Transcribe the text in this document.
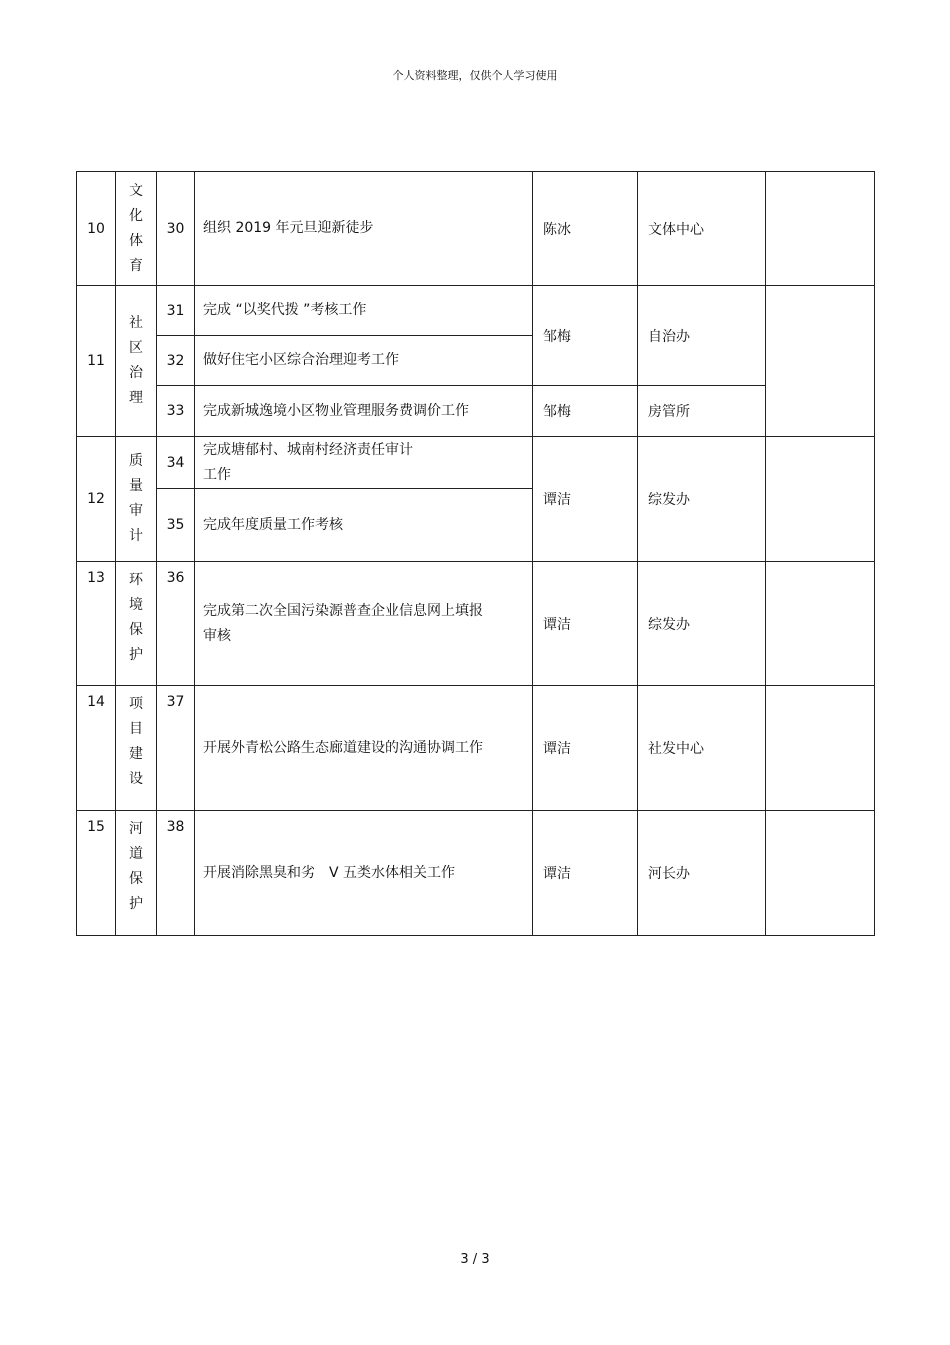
个人资料整理，仅供个人学习使用
10	文化体育	30	组织 2019 年元旦迎新徒步	陈冰	文体中心	
11	社区治理	31	完成 “以奖代拨 ”考核工作	邹梅	自治办	
		32	做好住宅小区综合治理迎考工作			
		33	完成新城逸境小区物业管理服务费调价工作	邹梅	房管所	
12	质量审计	34	完成塘郁村、城南村经济责任审计工作	谭洁	综发办	
		35	完成年度质量工作考核			
13	环境保护	36	完成第二次全国污染源普查企业信息网上填报审核	谭洁	综发办	
14	项目建设	37	开展外青松公路生态廊道建设的沟通协调工作	谭洁	社发中心	
15	河道保护	38	开展消除黑臭和劣　V 五类水体相关工作	谭洁	河长办	
3 / 3
